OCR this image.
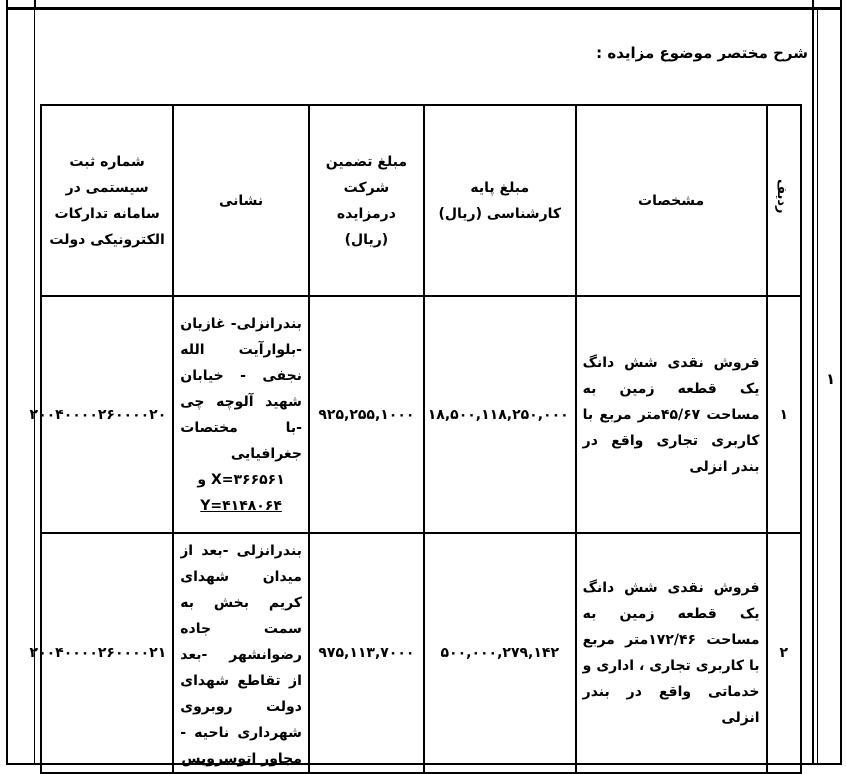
شرح مختصر موضوع مزایده :
۱
ردیف	مشخصات	مبلغ پایه کارشناسی (ریال)	مبلغ تضمین شرکت درمزایده (ریال)	نشانی	شماره ثبت سیستمی در سامانه تدارکات الکترونیکی دولت
۱	فروش نقدی شش دانگ یک قطعه زمین به مساحت ۴۵/۶۷متر مربع با کاربری تجاری واقع در بندر انزلی	۱۸,۵۰۰,۱۱۸,۲۵۰,۰۰۰	۹۲۵,۲۵۵,۱۰۰۰	بندرانزلی- غازیان -بلوارآیت الله نجفی - خیابان شهید آلوچه چی -با مختصات جغرافیایی
X=۳۶۶۵۶۱ و
Y=۴۱۴۸۰۶۴	۲۰۰۴۰۰۰۰۲۶۰۰۰۰۲۰
۲	فروش نقدی شش دانگ یک قطعه زمین به مساحت ۱۷۲/۴۶متر مربع با کاربری تجاری ، اداری و خدماتی واقع در بندر انزلی	۵۰۰,۰۰۰,۲۷۹,۱۴۲	۹۷۵,۱۱۳,۷۰۰۰	بندرانزلی -بعد از میدان شهدای کریم بخش به سمت جاده رضوانشهر -بعد از تقاطع شهدای دولت روبروی شهرداری ناحیه - مجاور اتوسرویس	۲۰۰۴۰۰۰۰۲۶۰۰۰۰۲۱
